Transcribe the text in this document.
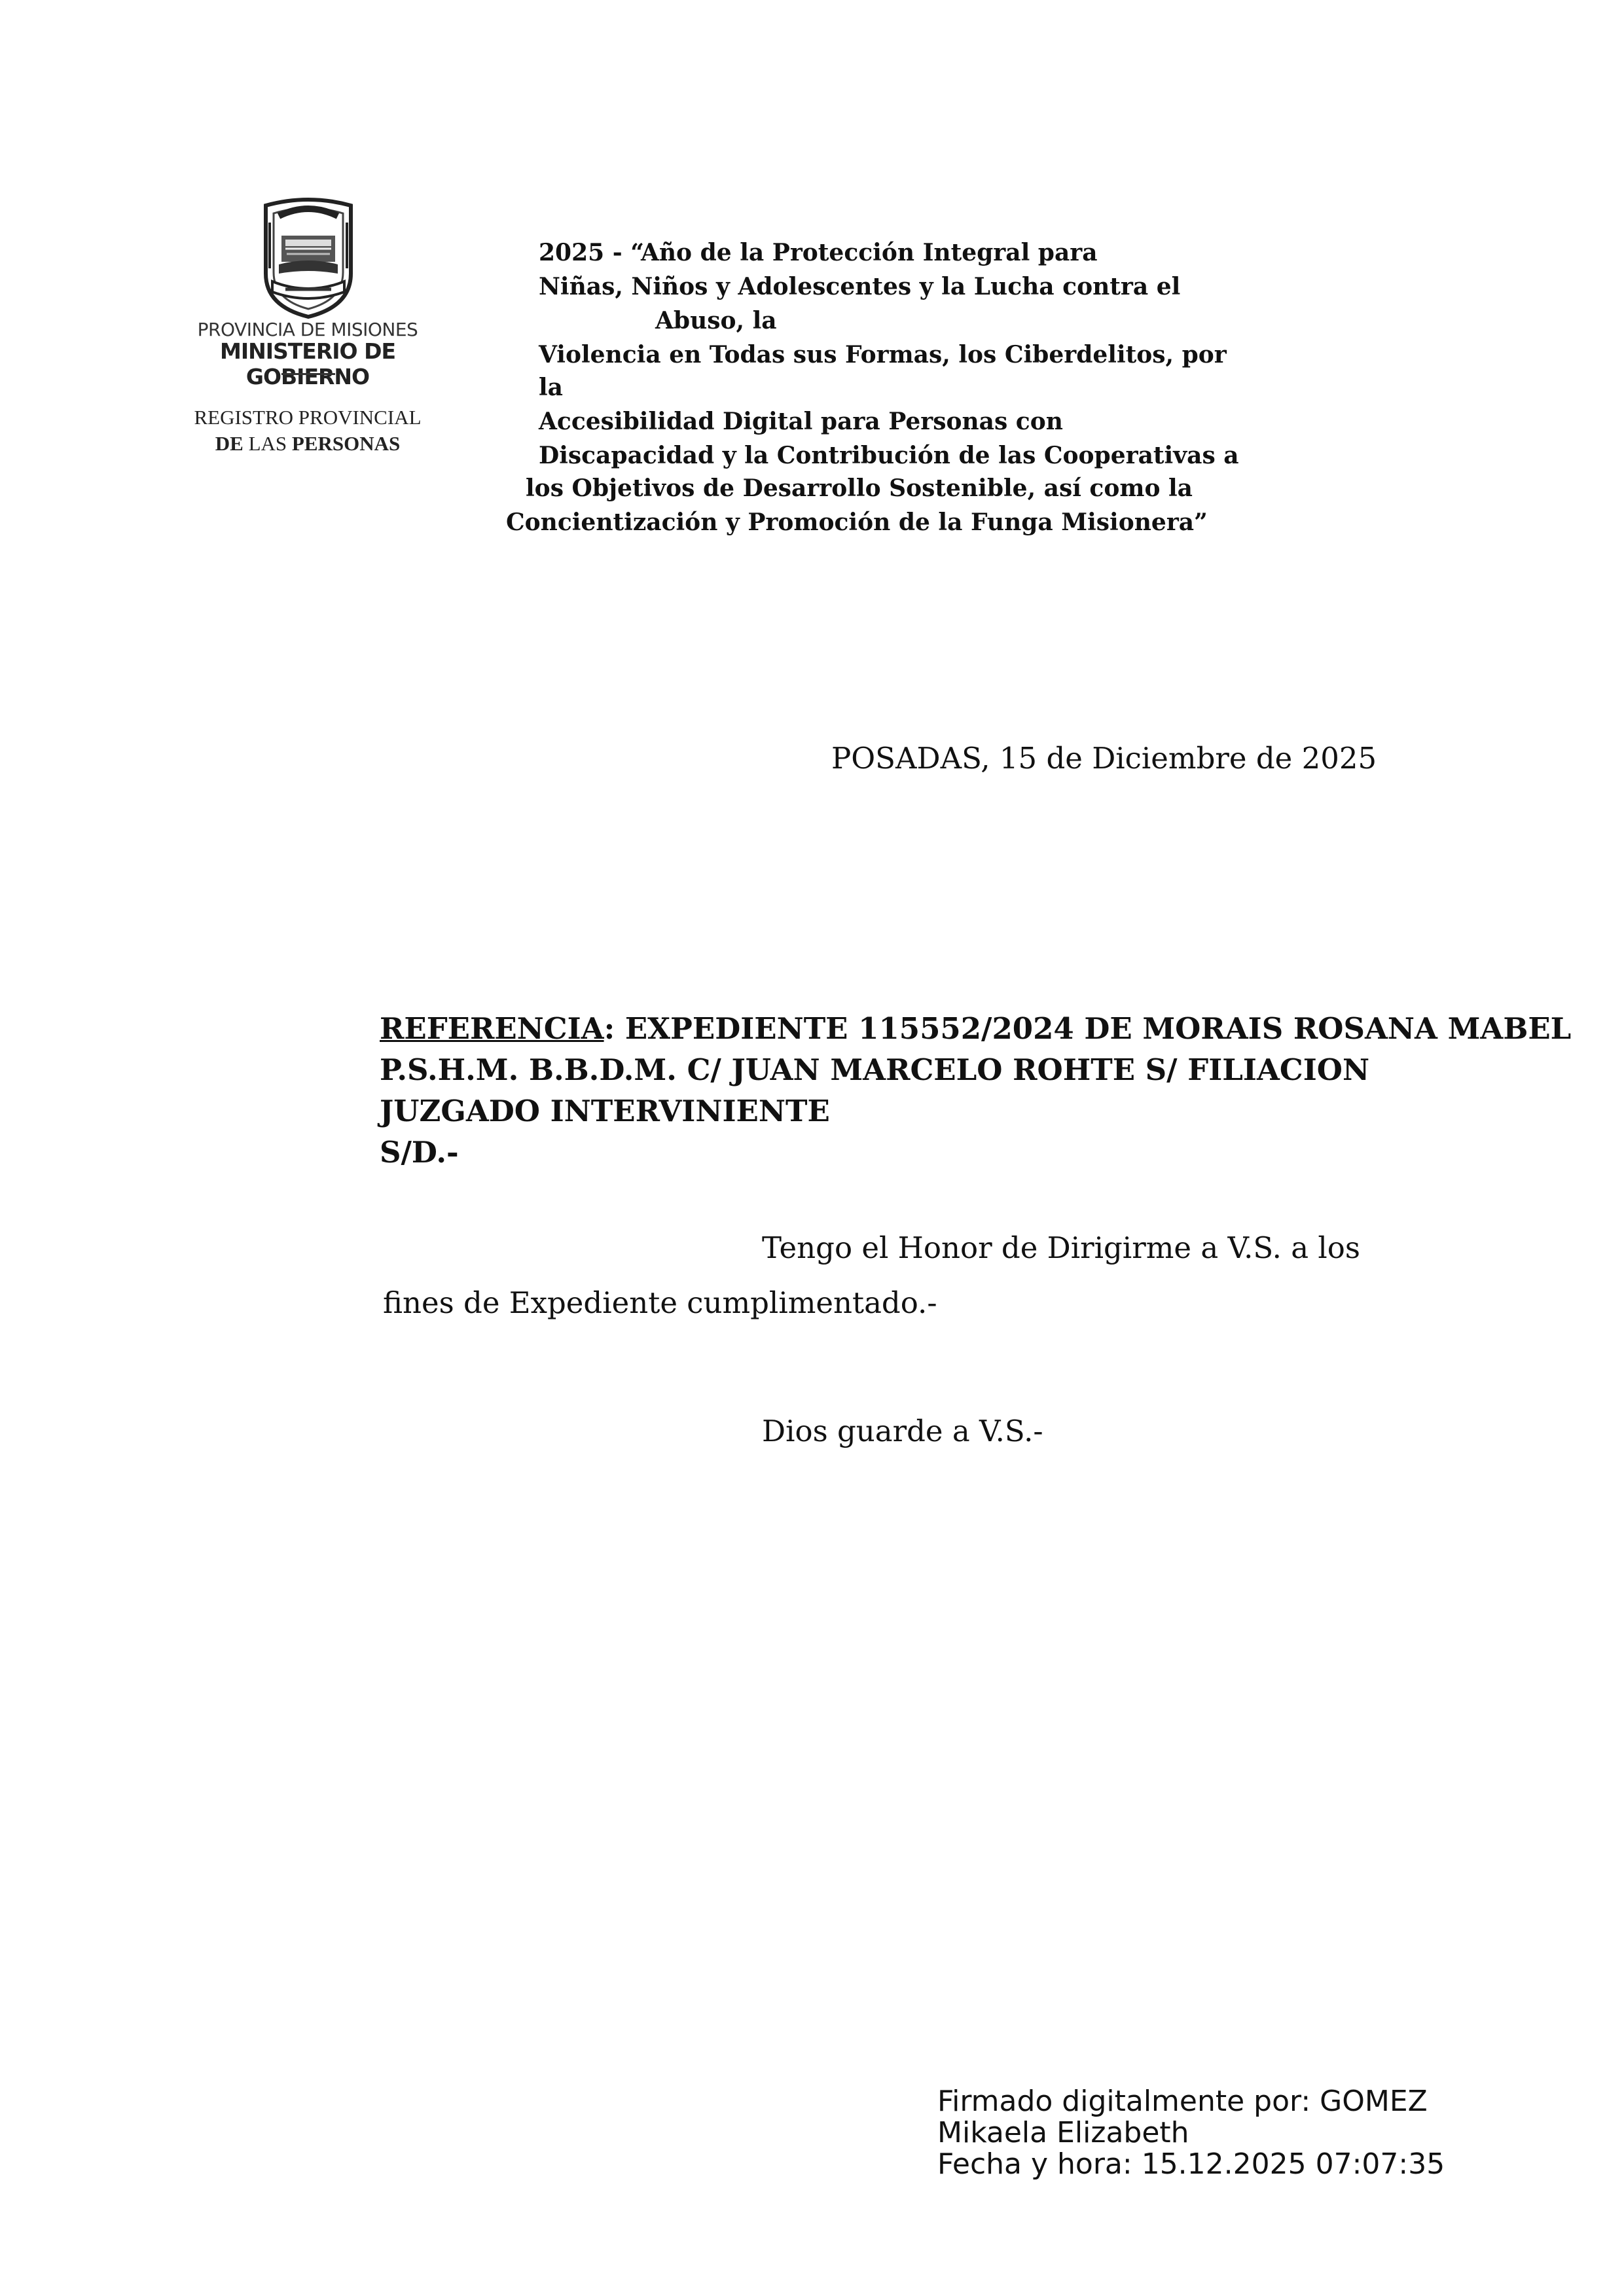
PROVINCIA DE MISIONES
MINISTERIO DE GOBIERNO
REGISTRO PROVINCIAL
DE LAS PERSONAS
2025 - “Año de la Protección Integral para
Niñas, Niños y Adolescentes y la Lucha contra el
Abuso, la
Violencia en Todas sus Formas, los Ciberdelitos, por
la
Accesibilidad Digital para Personas con
Discapacidad y la Contribución de las Cooperativas a
los Objetivos de Desarrollo Sostenible, así como la
Concientización y Promoción de la Funga Misionera”
POSADAS, 15 de Diciembre de 2025
REFERENCIA: EXPEDIENTE 115552/2024 DE MORAIS ROSANA MABEL
P.S.H.M. B.B.D.M. C/ JUAN MARCELO ROHTE S/ FILIACION
JUZGADO INTERVINIENTE
S/D.-
Tengo el Honor de Dirigirme a V.S. a los
fines de Expediente cumplimentado.-
Dios guarde a V.S.-
Firmado digitalmente por: GOMEZ
Mikaela Elizabeth
Fecha y hora: 15.12.2025 07:07:35
